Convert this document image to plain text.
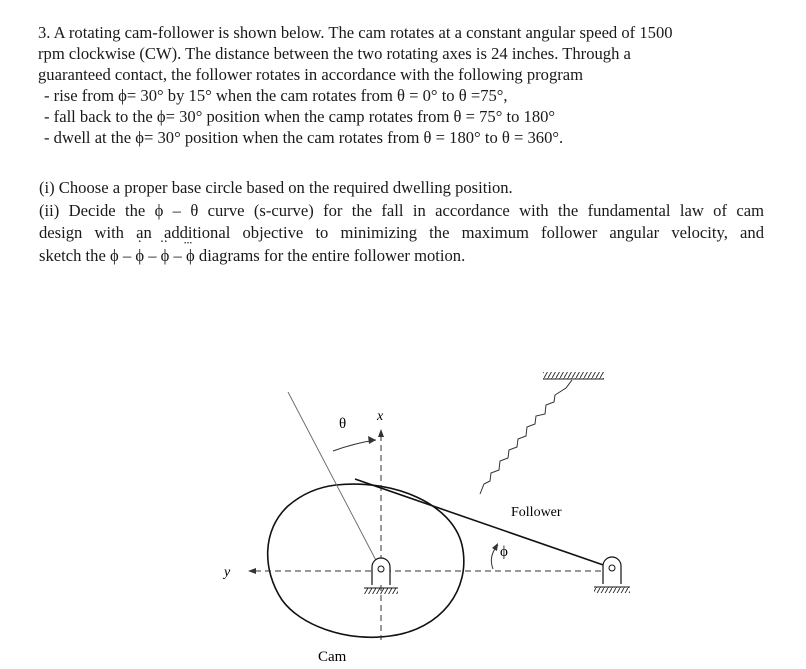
3. A rotating cam-follower is shown below. The cam rotates at a constant angular speed of 1500
rpm clockwise (CW). The distance between the two rotating axes is 24 inches. Through a
guaranteed contact, the follower rotates in accordance with the following program
- rise from ϕ= 30° by 15° when the cam rotates from θ = 0° to θ =75°,
- fall back to the ϕ= 30° position when the camp rotates from θ = 75° to 180°
- dwell at the ϕ= 30° position when the cam rotates from θ = 180° to θ = 360°.
(i) Choose a proper base circle based on the required dwelling position.
(ii) Decide the ϕ – θ curve (s-curve) for the fall in accordance with the fundamental law of cam
design with an additional objective to minimizing the maximum follower angular velocity, and
sketch the ϕ – ϕ · – ϕ ·· – ϕ ··· diagrams for the entire follower motion.
θ x
y
ϕ
Follower
Cam
